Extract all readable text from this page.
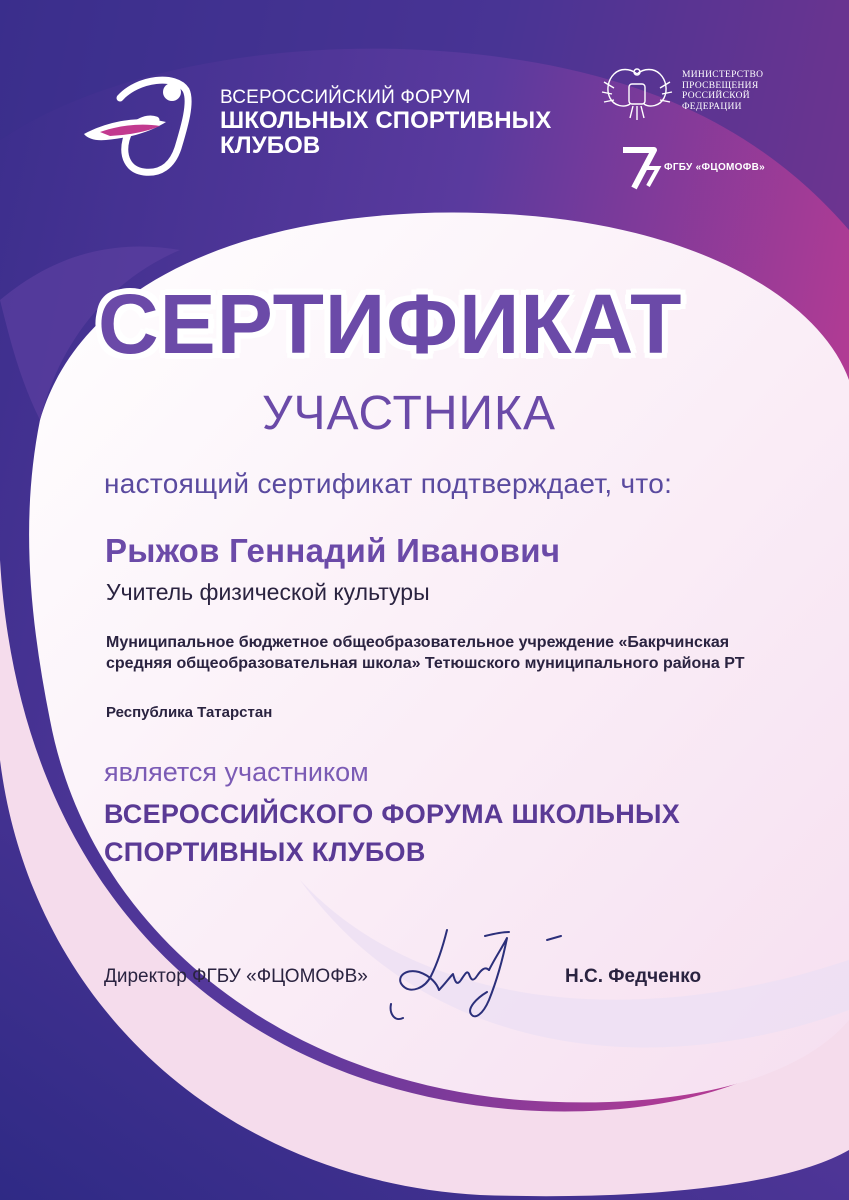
ВСЕРОССИЙСКИЙ ФОРУМ
ШКОЛЬНЫХ СПОРТИВНЫХ
КЛУБОВ
МИНИСТЕРСТВО
ПРОСВЕЩЕНИЯ
РОССИЙСКОЙ
ФЕДЕРАЦИИ
ФГБУ «ФЦОМОФВ»
СЕРТИФИКАТ
УЧАСТНИКА
настоящий сертификат подтверждает, что:
Рыжов Геннадий Иванович
Учитель физической культуры
Муниципальное бюджетное общеобразовательное учреждение «Бакрчинская средняя общеобразовательная школа» Тетюшского муниципального района РТ
Республика Татарстан
является участником
ВСЕРОССИЙСКОГО ФОРУМА ШКОЛЬНЫХ
СПОРТИВНЫХ КЛУБОВ
Директор ФГБУ «ФЦОМОФВ»	Н.С. Федченко
